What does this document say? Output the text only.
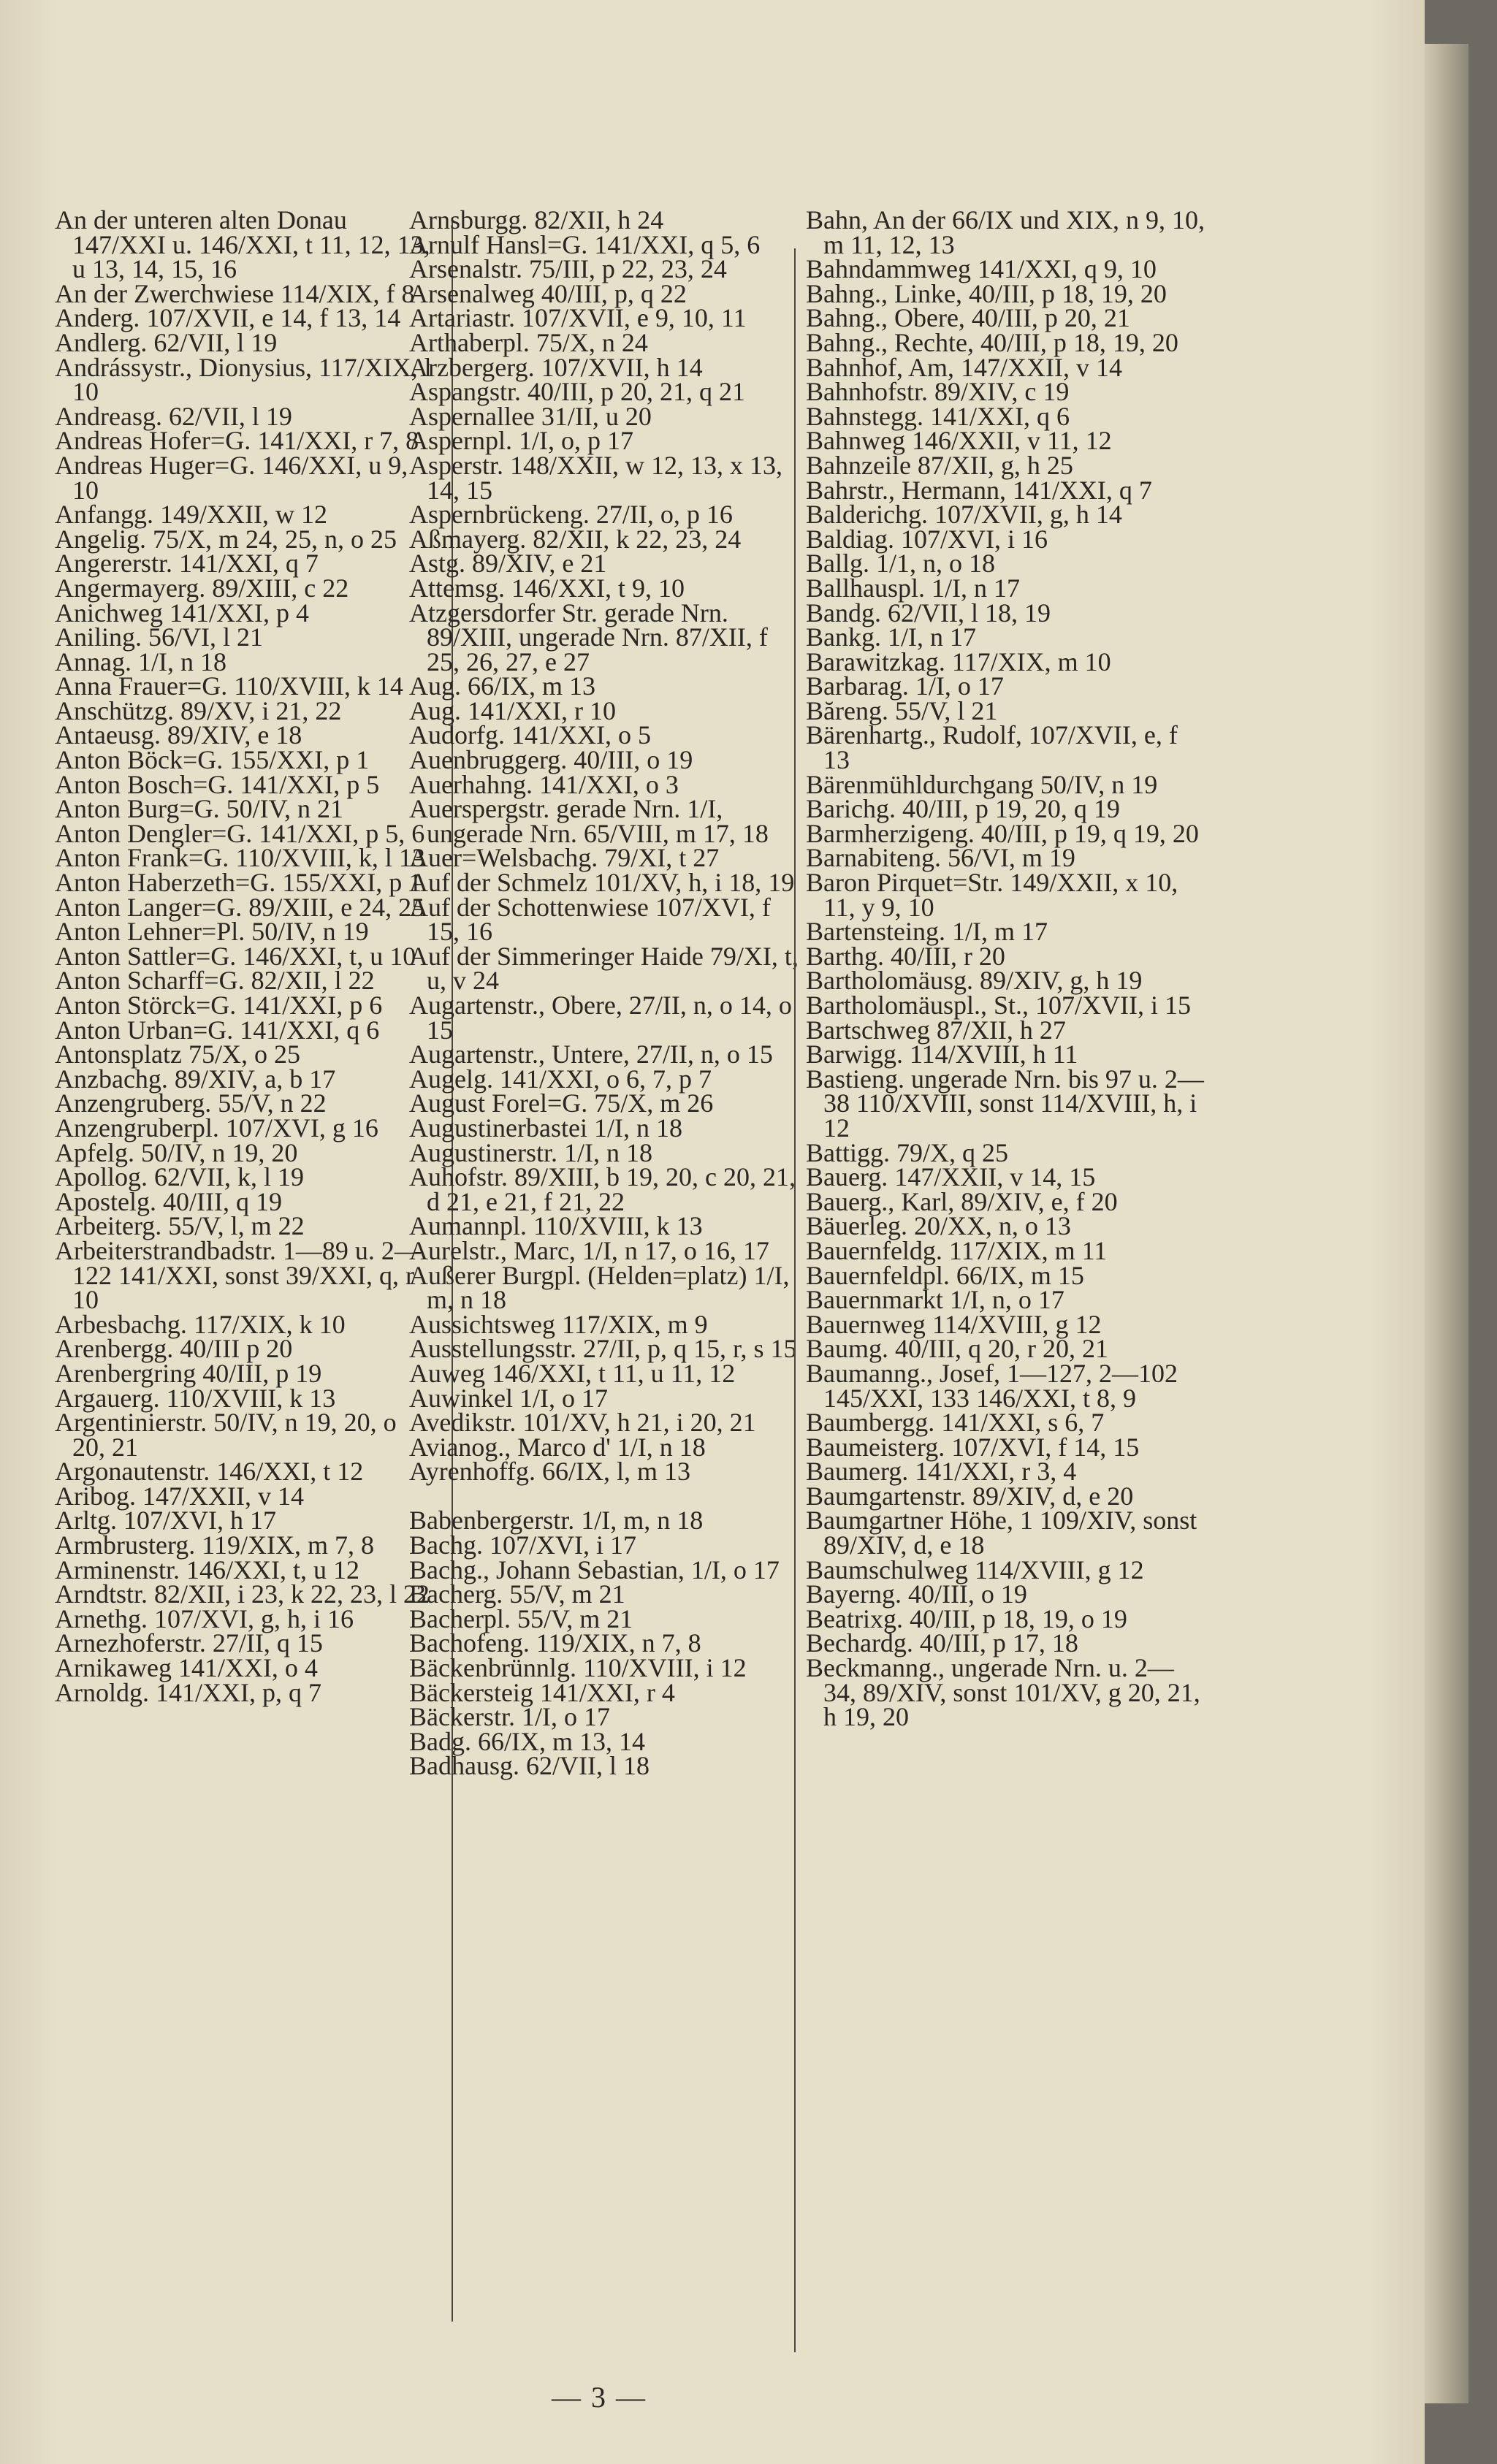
An der unteren alten Donau 147/XXI u. 146/XXI, t 11, 12, 13, u 13, 14, 15, 16

An der Zwerchwiese 114/XIX, f 8

Anderg. 107/XVII, e 14, f 13, 14

Andlerg. 62/VII, l 19

Andrássystr., Dionysius, 117/XIX, l 10

Andreasg. 62/VII, l 19

Andreas Hofer=G. 141/XXI, r 7, 8

Andreas Huger=G. 146/XXI, u 9, 10

Anfangg. 149/XXII, w 12

Angelig. 75/X, m 24, 25, n, o 25

Angererstr. 141/XXI, q 7

Angermayerg. 89/XIII, c 22

Anichweg 141/XXI, p 4

Aniling. 56/VI, l 21

Annag. 1/I, n 18

Anna Frauer=G. 110/XVIII, k 14

Anschützg. 89/XV, i 21, 22

Antaeusg. 89/XIV, e 18

Anton Böck=G. 155/XXI, p 1

Anton Bosch=G. 141/XXI, p 5

Anton Burg=G. 50/IV, n 21

Anton Dengler=G. 141/XXI, p 5, 6

Anton Frank=G. 110/XVIII, k, l 13

Anton Haberzeth=G. 155/XXI, p 1

Anton Langer=G. 89/XIII, e 24, 25

Anton Lehner=Pl. 50/IV, n 19

Anton Sattler=G. 146/XXI, t, u 10

Anton Scharff=G. 82/XII, l 22

Anton Störck=G. 141/XXI, p 6

Anton Urban=G. 141/XXI, q 6

Antonsplatz 75/X, o 25

Anzbachg. 89/XIV, a, b 17

Anzengruberg. 55/V, n 22

Anzengruberpl. 107/XVI, g 16

Apfelg. 50/IV, n 19, 20

Apollog. 62/VII, k, l 19

Apostelg. 40/III, q 19

Arbeiterg. 55/V, l, m 22

Arbeiterstrandbadstr. 1—89 u. 2—122 141/XXI, sonst 39/XXI, q, r 10

Arbesbachg. 117/XIX, k 10

Arenbergg. 40/III p 20

Arenbergring 40/III, p 19

Argauerg. 110/XVIII, k 13

Argentinierstr. 50/IV, n 19, 20, o 20, 21

Argonautenstr. 146/XXI, t 12

Aribog. 147/XXII, v 14

Arltg. 107/XVI, h 17

Armbrusterg. 119/XIX, m 7, 8

Arminenstr. 146/XXI, t, u 12

Arndtstr. 82/XII, i 23, k 22, 23, l 22

Arnethg. 107/XVI, g, h, i 16

Arnezhoferstr. 27/II, q 15

Arnikaweg 141/XXI, o 4

Arnoldg. 141/XXI, p, q 7

Arnsburgg. 82/XII, h 24

Arnulf Hansl=G. 141/XXI, q 5, 6

Arsenalstr. 75/III, p 22, 23, 24

Arsenalweg 40/III, p, q 22

Artariastr. 107/XVII, e 9, 10, 11

Arthaberpl. 75/X, n 24

Arzbergerg. 107/XVII, h 14

Aspangstr. 40/III, p 20, 21, q 21

Aspernallee 31/II, u 20

Aspernpl. 1/I, o, p 17

Asperstr. 148/XXII, w 12, 13, x 13, 14, 15

Aspernbrückeng. 27/II, o, p 16

Aßmayerg. 82/XII, k 22, 23, 24

Astg. 89/XIV, e 21

Attemsg. 146/XXI, t 9, 10

Atzgersdorfer Str. gerade Nrn. 89/XIII, ungerade Nrn. 87/XII, f 25, 26, 27, e 27

Aug. 66/IX, m 13

Aug. 141/XXI, r 10

Audorfg. 141/XXI, o 5

Auenbruggerg. 40/III, o 19

Auerhahng. 141/XXI, o 3

Auerspergstr. gerade Nrn. 1/I, ungerade Nrn. 65/VIII, m 17, 18

Auer=Welsbachg. 79/XI, t 27

Auf der Schmelz 101/XV, h, i 18, 19

Auf der Schottenwiese 107/XVI, f 15, 16

Auf der Simmeringer Haide 79/XI, t, u, v 24

Augartenstr., Obere, 27/II, n, o 14, o 15

Augartenstr., Untere, 27/II, n, o 15

Augelg. 141/XXI, o 6, 7, p 7

August Forel=G. 75/X, m 26

Augustinerbastei 1/I, n 18

Augustinerstr. 1/I, n 18

Auhofstr. 89/XIII, b 19, 20, c 20, 21, d 21, e 21, f 21, 22

Aumannpl. 110/XVIII, k 13

Aurelstr., Marc, 1/I, n 17, o 16, 17

Außerer Burgpl. (Helden=platz) 1/I, m, n 18

Aussichtsweg 117/XIX, m 9

Ausstellungsstr. 27/II, p, q 15, r, s 15

Auweg 146/XXI, t 11, u 11, 12

Auwinkel 1/I, o 17

Avedikstr. 101/XV, h 21, i 20, 21

Avianog., Marco d' 1/I, n 18

Ayrenhoffg. 66/IX, l, m 13

Babenbergerstr. 1/I, m, n 18

Bachg. 107/XVI, i 17

Bachg., Johann Sebastian, 1/I, o 17

Bacherg. 55/V, m 21

Bacherpl. 55/V, m 21

Bachofeng. 119/XIX, n 7, 8

Bäckenbrünnlg. 110/XVIII, i 12

Bäckersteig 141/XXI, r 4

Bäckerstr. 1/I, o 17

Badg. 66/IX, m 13, 14

Badhausg. 62/VII, l 18

Bahn, An der 66/IX und XIX, n 9, 10, m 11, 12, 13

Bahndammweg 141/XXI, q 9, 10

Bahng., Linke, 40/III, p 18, 19, 20

Bahng., Obere, 40/III, p 20, 21

Bahng., Rechte, 40/III, p 18, 19, 20

Bahnhof, Am, 147/XXII, v 14

Bahnhofstr. 89/XIV, c 19

Bahnstegg. 141/XXI, q 6

Bahnweg 146/XXII, v 11, 12

Bahnzeile 87/XII, g, h 25

Bahrstr., Hermann, 141/XXI, q 7

Balderichg. 107/XVII, g, h 14

Baldiag. 107/XVI, i 16

Ballg. 1/1, n, o 18

Ballhauspl. 1/I, n 17

Bandg. 62/VII, l 18, 19

Bankg. 1/I, n 17

Barawitzkag. 117/XIX, m 10

Barbarag. 1/I, o 17

Băreng. 55/V, l 21

Bärenhartg., Rudolf, 107/XVII, e, f 13

Bärenmühldurchgang 50/IV, n 19

Barichg. 40/III, p 19, 20, q 19

Barmherzigeng. 40/III, p 19, q 19, 20

Barnabiteng. 56/VI, m 19

Baron Pirquet=Str. 149/XXII, x 10, 11, y 9, 10

Bartensteing. 1/I, m 17

Barthg. 40/III, r 20

Bartholomäusg. 89/XIV, g, h 19

Bartholomäuspl., St., 107/XVII, i 15

Bartschweg 87/XII, h 27

Barwigg. 114/XVIII, h 11

Bastieng. ungerade Nrn. bis 97 u. 2—38 110/XVIII, sonst 114/XVIII, h, i 12

Battigg. 79/X, q 25

Bauerg. 147/XXII, v 14, 15

Bauerg., Karl, 89/XIV, e, f 20

Bäuerleg. 20/XX, n, o 13

Bauernfeldg. 117/XIX, m 11

Bauernfeldpl. 66/IX, m 15

Bauernmarkt 1/I, n, o 17

Bauernweg 114/XVIII, g 12

Baumg. 40/III, q 20, r 20, 21

Baumanng., Josef, 1—127, 2—102 145/XXI, 133 146/XXI, t 8, 9

Baumbergg. 141/XXI, s 6, 7

Baumeisterg. 107/XVI, f 14, 15

Baumerg. 141/XXI, r 3, 4

Baumgartenstr. 89/XIV, d, e 20

Baumgartner Höhe, 1 109/XIV, sonst 89/XIV, d, e 18

Baumschulweg 114/XVIII, g 12

Bayerng. 40/III, o 19

Beatrixg. 40/III, p 18, 19, o 19

Bechardg. 40/III, p 17, 18

Beckmanng., ungerade Nrn. u. 2—34, 89/XIV, sonst 101/XV, g 20, 21, h 19, 20

— 3 —
